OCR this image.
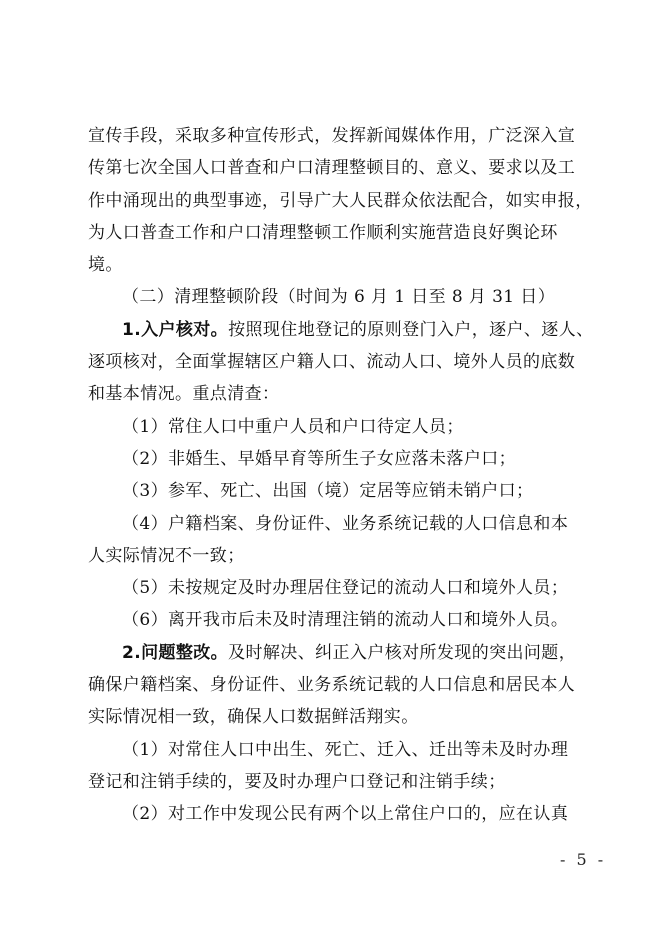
宣传手段，采取多种宣传形式，发挥新闻媒体作用，广泛深入宣
传第七次全国人口普查和户口清理整顿目的、意义、要求以及工
作中涌现出的典型事迹，引导广大人民群众依法配合，如实申报，
为人口普查工作和户口清理整顿工作顺利实施营造良好舆论环
境。
（二）清理整顿阶段（时间为 6 月 1 日至 8 月 31 日）
1.入户核对。按照现住地登记的原则登门入户，逐户、逐人、
逐项核对，全面掌握辖区户籍人口、流动人口、境外人员的底数
和基本情况。重点清查：
（1）常住人口中重户人员和户口待定人员；
（2）非婚生、早婚早育等所生子女应落未落户口；
（3）参军、死亡、出国（境）定居等应销未销户口；
（4）户籍档案、身份证件、业务系统记载的人口信息和本
人实际情况不一致；
（5）未按规定及时办理居住登记的流动人口和境外人员；
（6）离开我市后未及时清理注销的流动人口和境外人员。
2.问题整改。及时解决、纠正入户核对所发现的突出问题，
确保户籍档案、身份证件、业务系统记载的人口信息和居民本人
实际情况相一致，确保人口数据鲜活翔实。
（1）对常住人口中出生、死亡、迁入、迁出等未及时办理
登记和注销手续的，要及时办理户口登记和注销手续；
（2）对工作中发现公民有两个以上常住户口的，应在认真
- 5 -
